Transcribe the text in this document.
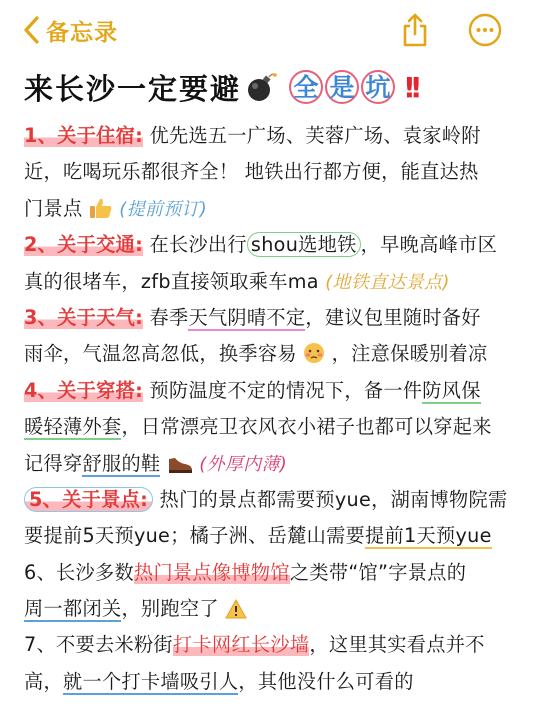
备忘录
来长沙一定要避 全 是 坑 !!
1、关于住宿: 优先选五一广场、芙蓉广场、袁家岭附
近，吃喝玩乐都很齐全！ 地铁出行都方便，能直达热
门景点 (提前预订)
2、关于交通: 在长沙出行 shou选地铁 ，早晚高峰市区
真的很堵车，zfb直接领取乘车ma (地铁直达景点)
3、关于天气: 春季天气阴晴不定，建议包里随时备好
雨伞，气温忽高忽低，换季容易 ，注意保暖别着凉
4、关于穿搭: 预防温度不定的情况下，备一件防风保
暖轻薄外套，日常漂亮卫衣风衣小裙子也都可以穿起来
记得穿舒服的鞋 (外厚内薄)
5、关于景点: 热门的景点都需要预yue，湖南博物院需
要提前5天预yue；橘子洲、岳麓山需要提前1天预yue
6、长沙多数热门景点像博物馆之类带“馆”字景点的
周一都闭关，别跑空了
7、不要去米粉街打卡网红长沙墙，这里其实看点并不
高，就一个打卡墙吸引人，其他没什么可看的
